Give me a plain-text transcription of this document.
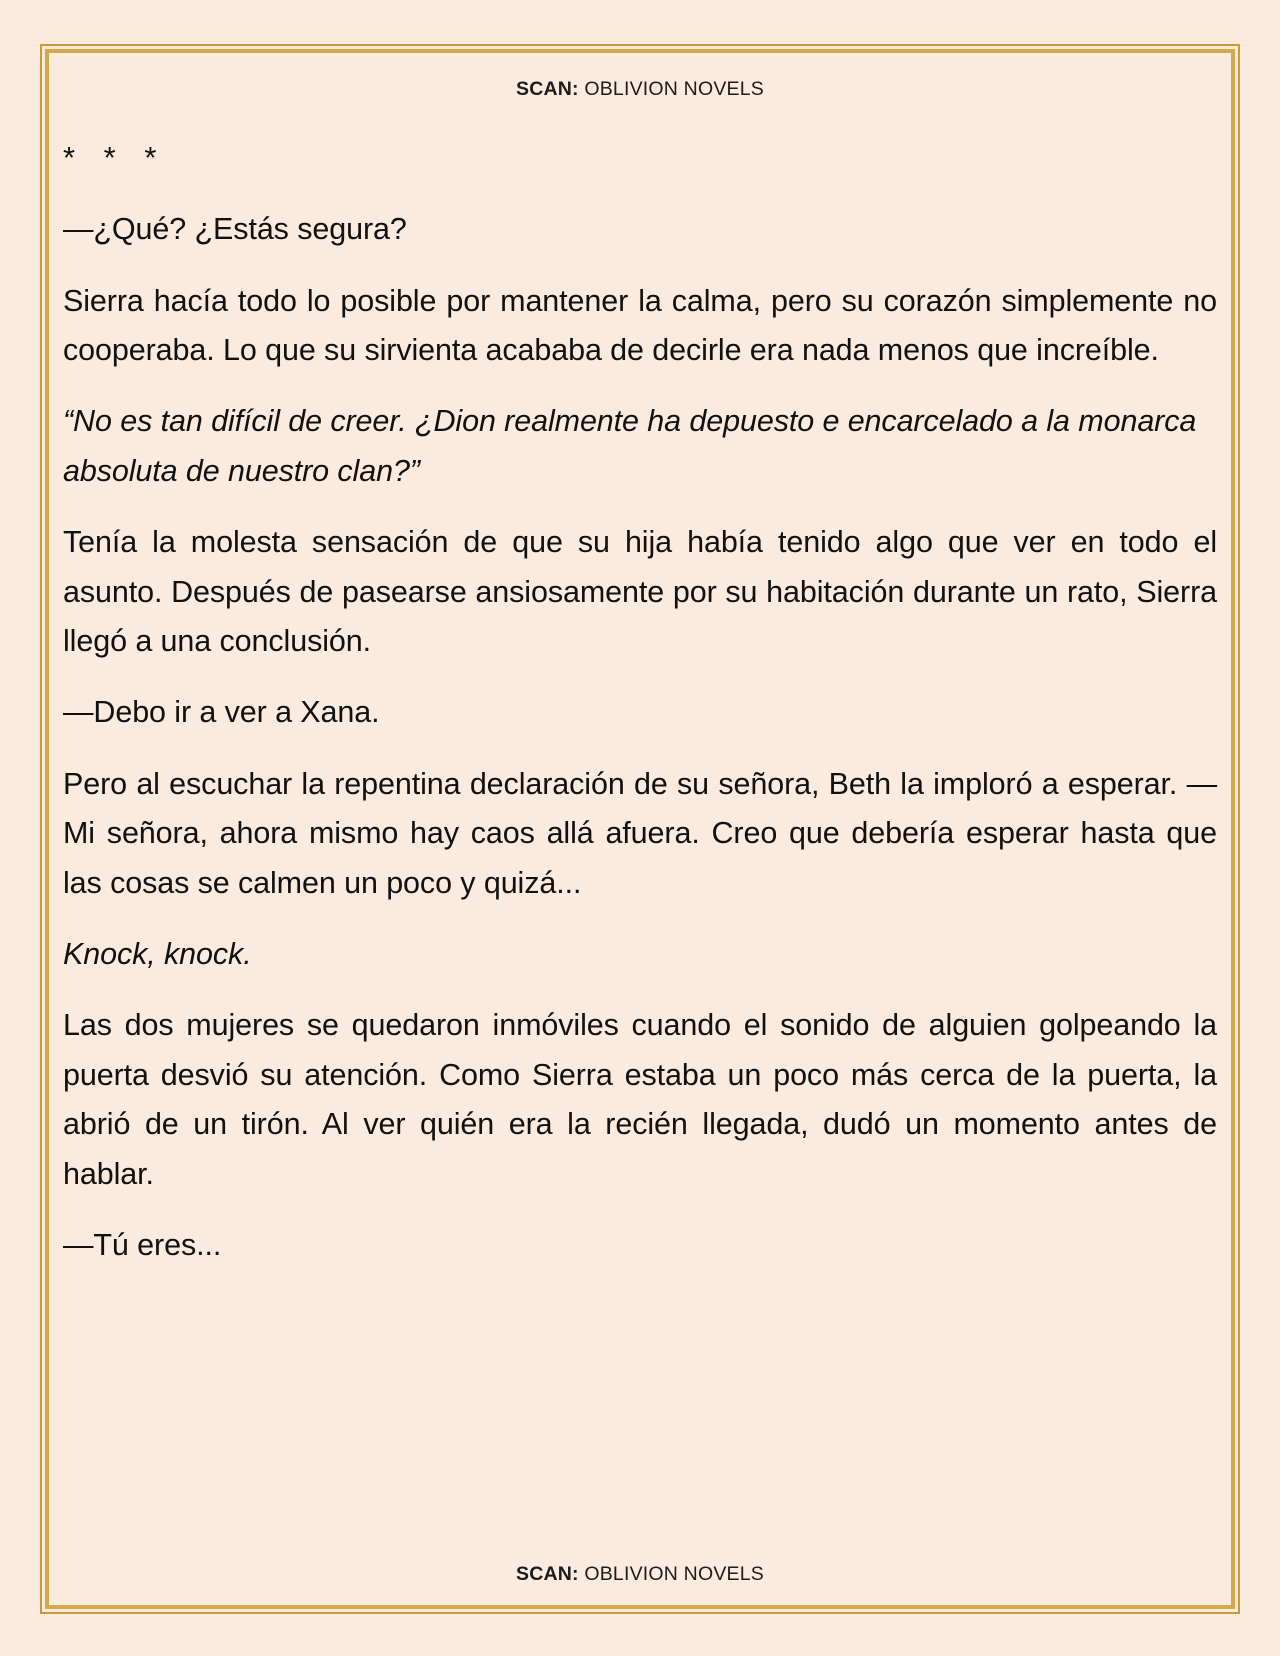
SCAN: OBLIVION NOVELS
* * *

—¿Qué? ¿Estás segura?

Sierra hacía todo lo posible por mantener la calma, pero su corazón simplemente no cooperaba. Lo que su sirvienta acababa de decirle era nada menos que increíble.

“No es tan difícil de creer. ¿Dion realmente ha depuesto e encarcelado a la monarca absoluta de nuestro clan?”

Tenía la molesta sensación de que su hija había tenido algo que ver en todo el asunto. Después de pasearse ansiosamente por su habitación durante un rato, Sierra llegó a una conclusión.

—Debo ir a ver a Xana.

Pero al escuchar la repentina declaración de su señora, Beth la imploró a esperar. —Mi señora, ahora mismo hay caos allá afuera. Creo que debería esperar hasta que las cosas se calmen un poco y quizá...

Knock, knock.

Las dos mujeres se quedaron inmóviles cuando el sonido de alguien golpeando la puerta desvió su atención. Como Sierra estaba un poco más cerca de la puerta, la abrió de un tirón. Al ver quién era la recién llegada, dudó un momento antes de hablar.

—Tú eres...

SCAN: OBLIVION NOVELS
